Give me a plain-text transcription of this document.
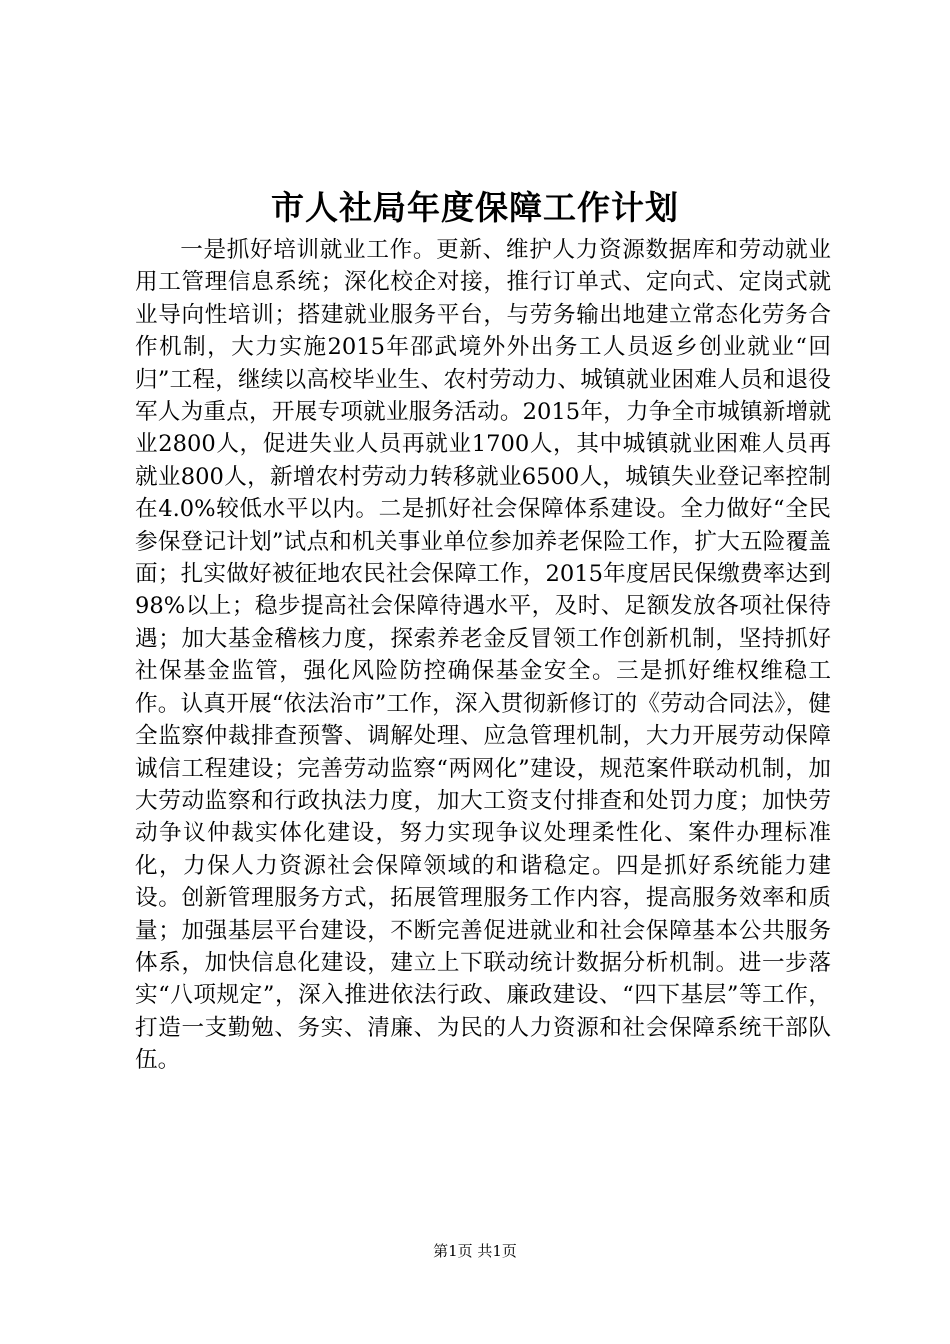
市人社局年度保障工作计划

一是抓好培训就业工作。更新、维护人力资源数据库和劳动就业用工管理信息系统；深化校企对接，推行订单式、定向式、定岗式就业导向性培训；搭建就业服务平台，与劳务输出地建立常态化劳务合作机制，大力实施2015年邵武境外外出务工人员返乡创业就业“回归”工程，继续以高校毕业生、农村劳动力、城镇就业困难人员和退役军人为重点，开展专项就业服务活动。2015年，力争全市城镇新增就业2800人，促进失业人员再就业1700人，其中城镇就业困难人员再就业800人，新增农村劳动力转移就业6500人，城镇失业登记率控制在4.0%较低水平以内。二是抓好社会保障体系建设。全力做好“全民参保登记计划”试点和机关事业单位参加养老保险工作，扩大五险覆盖面；扎实做好被征地农民社会保障工作，2015年度居民保缴费率达到98%以上；稳步提高社会保障待遇水平，及时、足额发放各项社保待遇；加大基金稽核力度，探索养老金反冒领工作创新机制，坚持抓好社保基金监管，强化风险防控确保基金安全。三是抓好维权维稳工作。认真开展“依法治市”工作，深入贯彻新修订的《劳动合同法》，健全监察仲裁排查预警、调解处理、应急管理机制，大力开展劳动保障诚信工程建设；完善劳动监察“两网化”建设，规范案件联动机制，加大劳动监察和行政执法力度，加大工资支付排查和处罚力度；加快劳动争议仲裁实体化建设，努力实现争议处理柔性化、案件办理标准化，力保人力资源社会保障领域的和谐稳定。四是抓好系统能力建设。创新管理服务方式，拓展管理服务工作内容，提高服务效率和质量；加强基层平台建设，不断完善促进就业和社会保障基本公共服务体系，加快信息化建设，建立上下联动统计数据分析机制。进一步落实“八项规定”，深入推进依法行政、廉政建设、“四下基层”等工作，打造一支勤勉、务实、清廉、为民的人力资源和社会保障系统干部队伍。

第1页 共1页
